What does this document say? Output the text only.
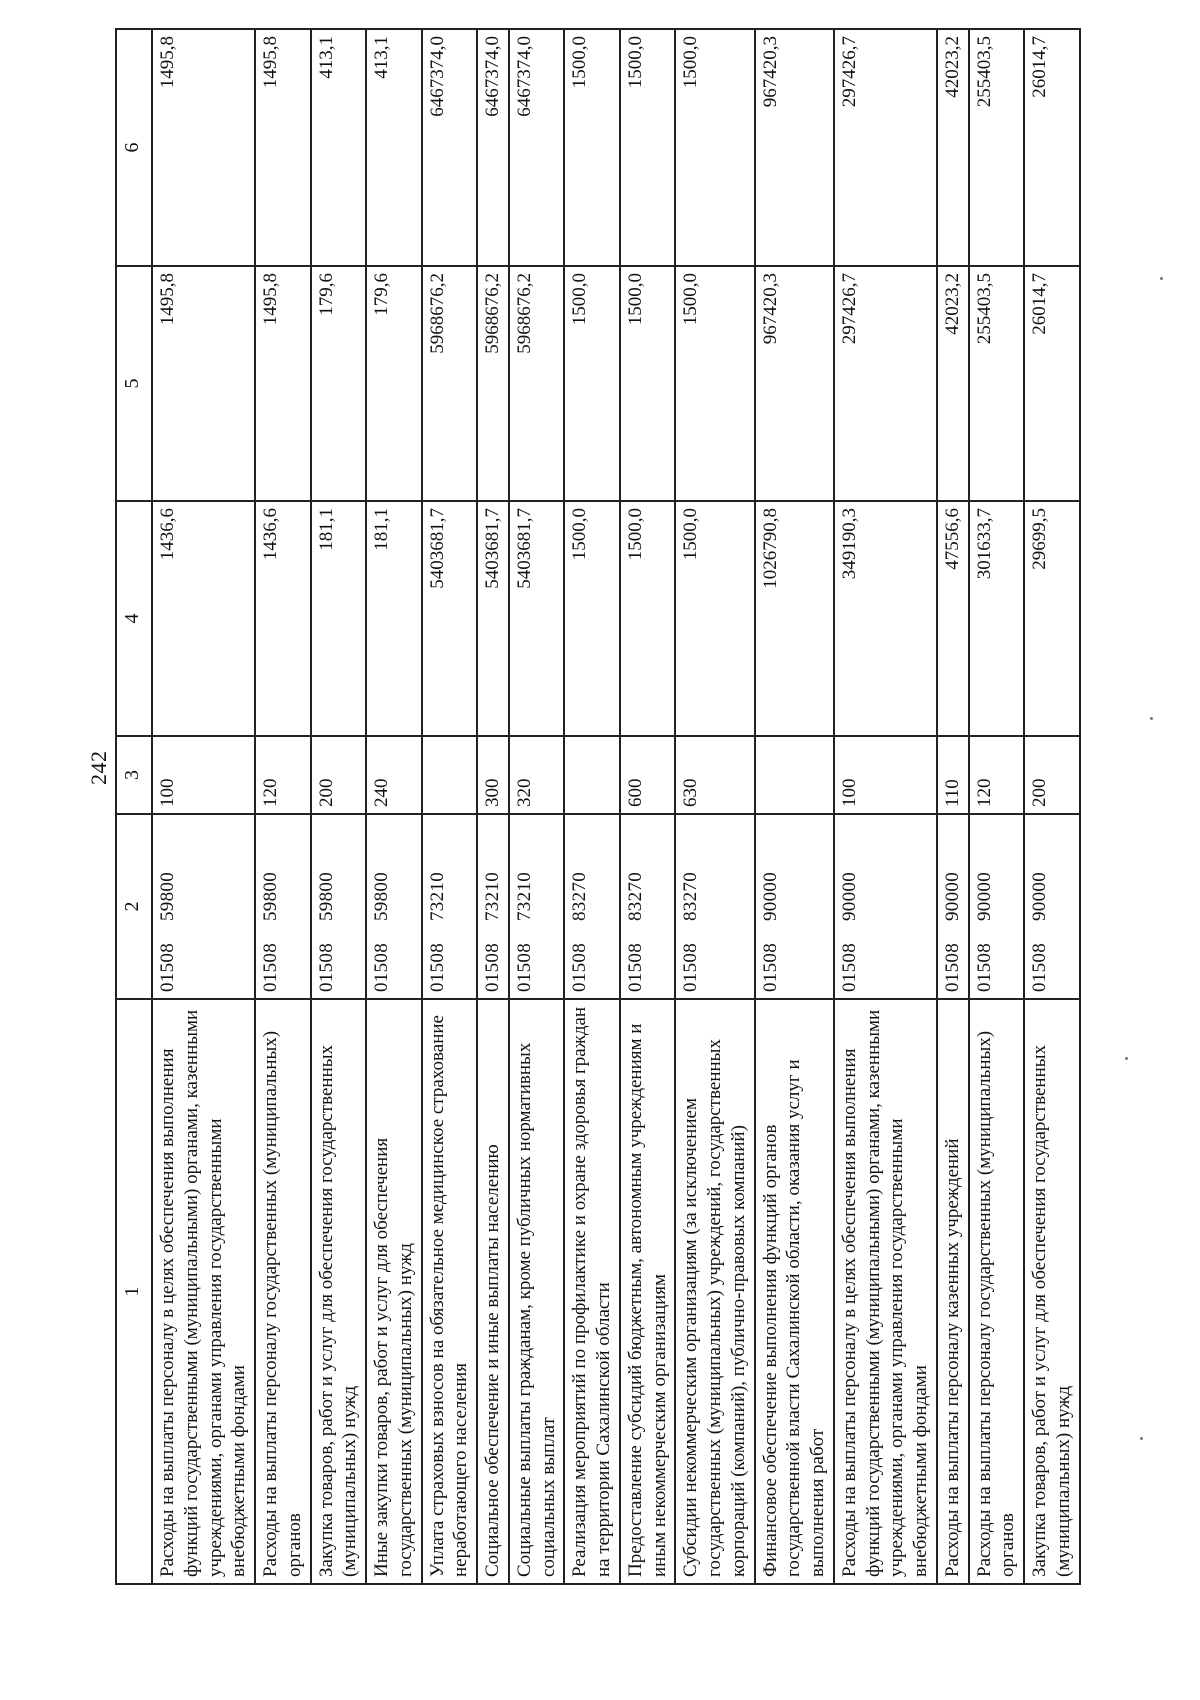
242
1	2	3	4	5	6
Расходы на выплаты персоналу в целях обеспечения выполнения функций государственными (муниципальными) органами, казенными учреждениями, органами управления государственными внебюджетными фондами	0150859800	100	1436,6	1495,8	1495,8
Расходы на выплаты персоналу государственных (муниципальных) органов	0150859800	120	1436,6	1495,8	1495,8
Закупка товаров, работ и услуг для обеспечения государственных (муниципальных) нужд	0150859800	200	181,1	179,6	413,1
Иные закупки товаров, работ и услуг для обеспечения государственных (муниципальных) нужд	0150859800	240	181,1	179,6	413,1
Уплата страховых взносов на обязательное медицинское страхование неработающего населения	0150873210		5403681,7	5968676,2	6467374,0
Социальное обеспечение и иные выплаты населению	0150873210	300	5403681,7	5968676,2	6467374,0
Социальные выплаты гражданам, кроме публичных нормативных социальных выплат	0150873210	320	5403681,7	5968676,2	6467374,0
Реализация мероприятий по профилактике и охране здоровья граждан на территории Сахалинской области	0150883270		1500,0	1500,0	1500,0
Предоставление субсидий бюджетным, автономным учреждениям и иным некоммерческим организациям	0150883270	600	1500,0	1500,0	1500,0
Субсидии некоммерческим организациям (за исключением государственных (муниципальных) учреждений, государственных корпораций (компаний), публично-правовых компаний)	0150883270	630	1500,0	1500,0	1500,0
Финансовое обеспечение выполнения функций органов государственной власти Сахалинской области, оказания услуг и выполнения работ	0150890000		1026790,8	967420,3	967420,3
Расходы на выплаты персоналу в целях обеспечения выполнения функций государственными (муниципальными) органами, казенными учреждениями, органами управления государственными внебюджетными фондами	0150890000	100	349190,3	297426,7	297426,7
Расходы на выплаты персоналу казенных учреждений	0150890000	110	47556,6	42023,2	42023,2
Расходы на выплаты персоналу государственных (муниципальных) органов	0150890000	120	301633,7	255403,5	255403,5
Закупка товаров, работ и услуг для обеспечения государственных (муниципальных) нужд	0150890000	200	29699,5	26014,7	26014,7
